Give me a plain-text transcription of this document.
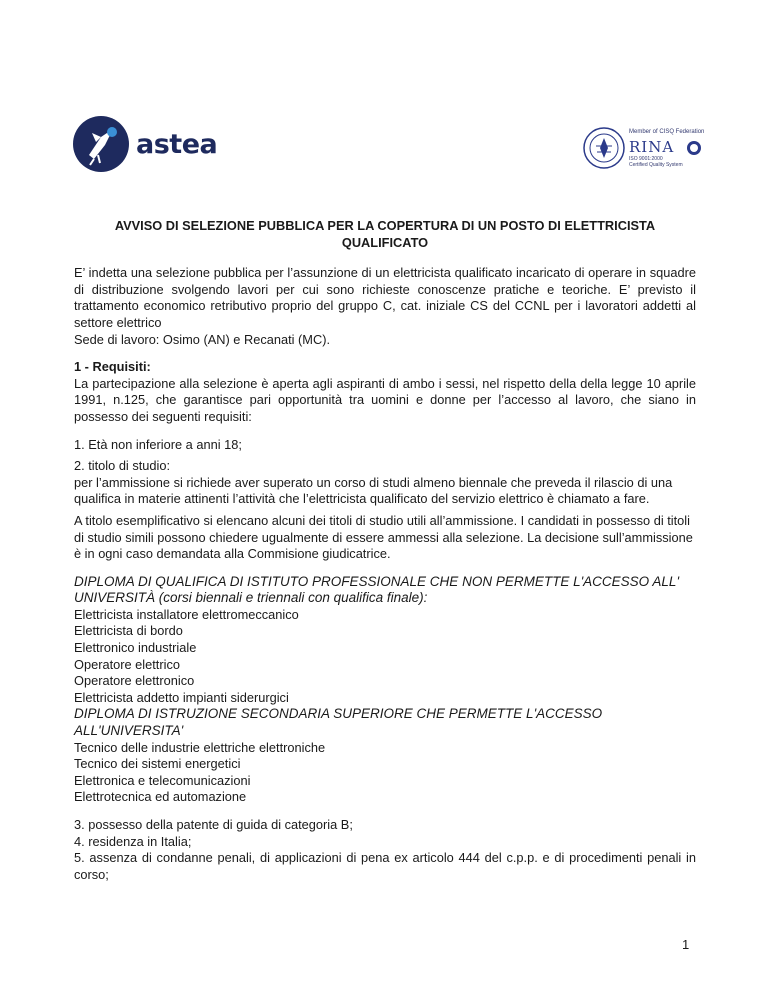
astea	Member of CISQ Federation
RINA
ISO 9001:2000
Certified Quality System

AVVISO DI SELEZIONE PUBBLICA PER LA COPERTURA DI UN POSTO DI ELETTRICISTA QUALIFICATO

E’ indetta una selezione pubblica per l’assunzione di un elettricista qualificato incaricato di operare in squadre di distribuzione svolgendo lavori per cui sono richieste conoscenze pratiche e teoriche. E’ previsto il trattamento economico retributivo proprio del gruppo C, cat. iniziale CS del CCNL per i lavoratori addetti al settore elettrico

Sede di lavoro: Osimo (AN) e Recanati (MC).

1 - Requisiti:

La partecipazione alla selezione è aperta agli aspiranti di ambo i sessi, nel rispetto della della legge 10 aprile 1991, n.125, che garantisce pari opportunità tra uomini e donne per l’accesso al lavoro, che siano in possesso dei seguenti requisiti:

1. Età non inferiore a anni 18;

2. titolo di studio:

per l’ammissione si richiede aver superato un corso di studi almeno biennale che preveda il rilascio di una qualifica in materie attinenti l’attività che l’elettricista qualificato del servizio elettrico è chiamato a fare.

A titolo esemplificativo si elencano alcuni dei titoli di studio utili all’ammissione. I candidati in possesso di titoli di studio simili possono chiedere ugualmente di essere ammessi alla selezione. La decisione sull’ammissione è in ogni caso demandata alla Commisione giudicatrice.

DIPLOMA DI QUALIFICA DI ISTITUTO PROFESSIONALE CHE NON PERMETTE L'ACCESSO ALL' UNIVERSITÀ (corsi biennali e triennali con qualifica finale):

Elettricista installatore elettromeccanico

Elettricista di bordo

Elettronico industriale

Operatore elettrico

Operatore elettronico

Elettricista addetto impianti siderurgici

DIPLOMA DI ISTRUZIONE SECONDARIA SUPERIORE CHE PERMETTE L'ACCESSO ALL'UNIVERSITA'

Tecnico delle industrie elettriche elettroniche

Tecnico dei sistemi energetici

Elettronica e telecomunicazioni

Elettrotecnica ed automazione

3. possesso della patente di guida di categoria B;

4. residenza in Italia;

5. assenza di condanne penali, di applicazioni di pena ex articolo 444 del c.p.p. e di procedimenti penali in corso;

1
